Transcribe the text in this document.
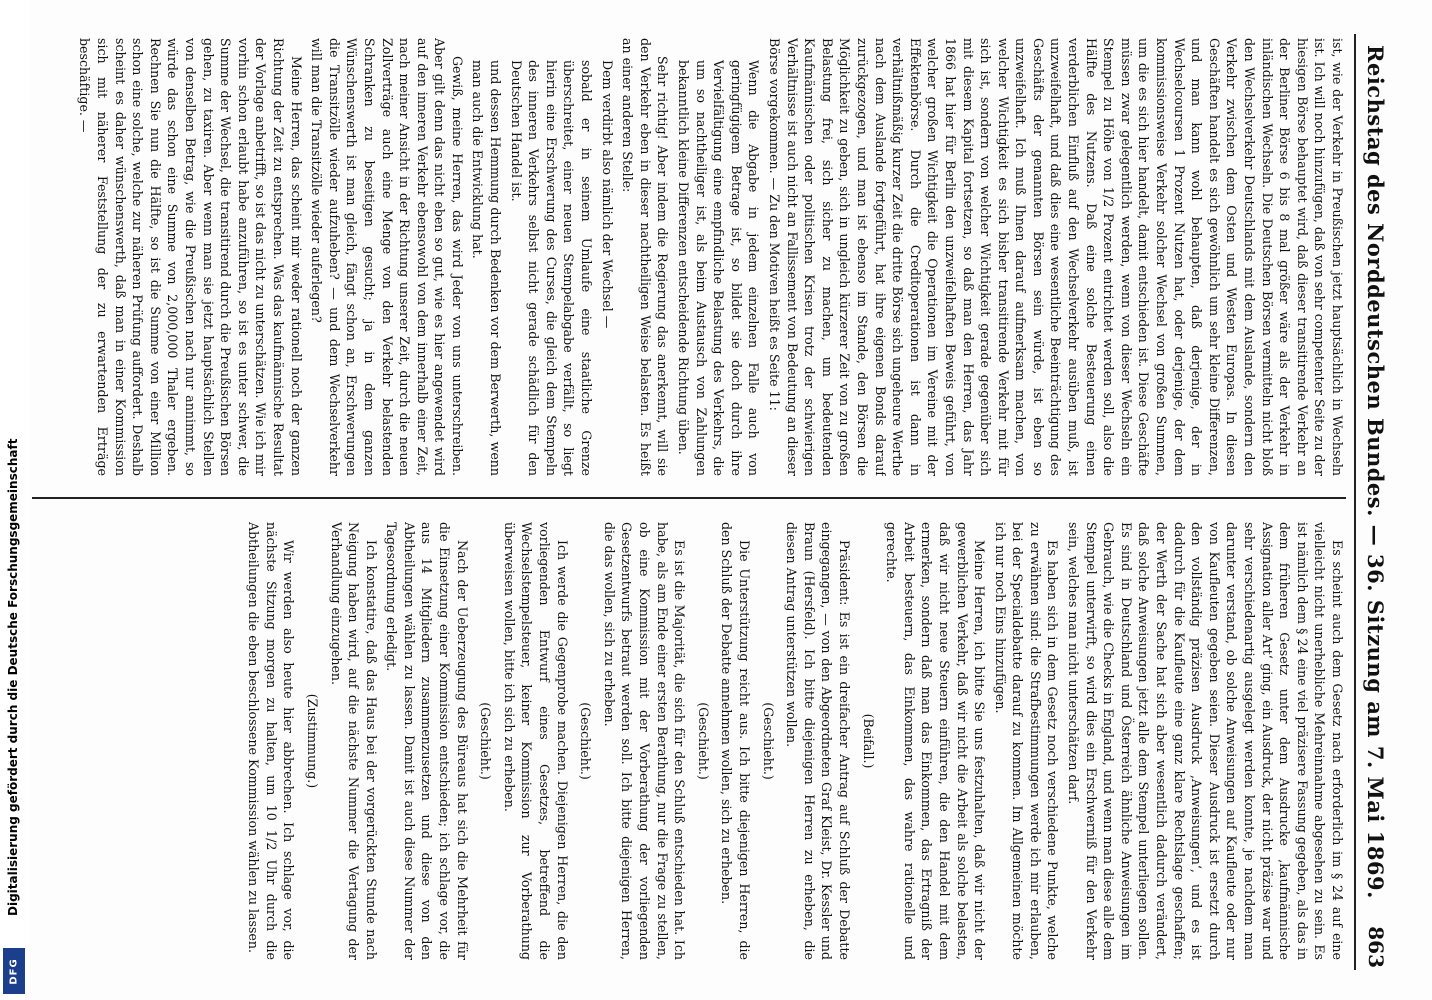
Reichstag des Norddeutschen Bundes. — 36. Sitzung am 7. Mai 1869.
863

ist, wie der Verkehr in Preußischen jetzt hauptsächlich in Wechseln ist. Ich will noch hinzufügen, daß von sehr competenter Seite zu der hiesigen Börse behauptet wird, daß dieser transitirende Verkehr an der Berliner Börse 6 bis 8 mal größer wäre als der Verkehr in inländischen Wechseln. Die Deutschen Börsen vermitteln nicht bloß den Wechselverkehr Deutschlands mit dem Auslande, sondern den Verkehr zwischen dem Osten und Westen Europas. In diesen Geschäften handelt es sich gewöhnlich um sehr kleine Differenzen, und man kann wohl behaupten, daß derjenige, der in Wechselcoursen 1 Prozent Nutzen hat, oder derjenige, der dem kommissionsweise Verkehr solcher Wechsel von großen Summen, um die es sich hier handelt, damit entschieden ist. Diese Geschäfte müssen zwar gelegentlich werden, wenn von dieser Wechseln ein Stempel zu Höhe von 1/2 Prozent entrichtet werden soll, also die Hälfte des Nutzens. Daß eine solche Besteuerung einen verderblichen Einfluß auf den Wechselverkehr ausüben muß, ist unzweifelhaft, und daß dies eine wesentliche Beeinträchtigung des Geschäfts der genannten Börsen sein würde, ist eben so unzweifelhaft. Ich muß Ihnen darauf aufmerksam machen, von welcher Wichtigkeit es sich bisher transitirende Verkehr mit für sich ist, sondern von welcher Wichtigkeit gerade gegenüber sich mit diesem Kapital fortsetzen, so daß man den Herren, das Jahr 1866 hat hier für Berlin den unzweifelhaften Beweis geführt, von welcher großen Wichtigkeit die Operationen im Vereine mit der Effektenbörse. Durch die Creditoperationen ist dann in verhältnißmäßig kurzer Zeit die dritte Börse sich ungeheure Werthe nach dem Auslande fortgeführt, hat ihre eigenen Bonds darauf zurückgezogen, und man ist ebenso im Stande, den Börsen die Möglichkeit zu geben, sich in ungleich kürzerer Zeit von zu großen Belastung frei, sich sicher zu machen, um bedeutenden Kaufmännischen oder politischen Krisen trotz der schwierigen Verhältnisse ist auch nicht an Fallissement von Bedeutung an dieser Börse vorgekommen. — Zu den Motiven heißt es Seite 11:

Wenn die Abgabe in jedem einzelnen Falle auch von geringfügigem Betrage ist, so bildet sie doch durch ihre Vervielfältigung eine empfindliche Belastung des Verkehrs, die um so nachtheiliger ist, als beim Austausch von Zahlungen bekanntlich kleine Differenzen entscheidende Richtung üben.

Sehr richtig! Aber indem die Regierung das anerkennt, will sie den Verkehr eben in dieser nachtheiligen Weise belasten. Es heißt an einer anderen Stelle:

Dem verdirbt also nämlich der Wechsel —

sobald er in seinem Umlaufe eine staatliche Grenze überschreitet, einer neuen Stempelabgabe verfällt, so liegt hierin eine Erschwerung des Curses, die gleich dem Stempeln des inneren Verkehrs selbst nicht gerade schädlich für den Deutschen Handel ist.

und dessen Hemmung durch Bedenken vor dem Berwerth, wenn man auch die Entwicklung hat.

Gewiß, meine Herren, das wird Jeder von uns unterschreiben. Aber gilt denn das nicht eben so gut, wie es hier angewendet wird auf den inneren Verkehr ebensowohl von dem innerhalb einer Zeit, nach meiner Ansicht in der Richtung unserer Zeit, durch die neuen Zollverträge auch eine Menge von den Verkehr belastenden Schranken zu beseitigen gesucht; ja in dem ganzen Wünschenswerth ist man gleich, fängt schon an, Erschwerungen die Transitzölle wieder aufzuheben? — und dem Wechselverkehr will man die Transitzölle wieder auferlegen?

Meine Herren, das scheint mir weder rationell noch der ganzen Richtung der Zeit zu entsprechen. Was das kaufmännische Resultat der Vorlage anbetrifft, so ist das nicht zu unterschätzen. Wie ich mir vorhin schon erlaubt habe anzuführen, so ist es unter schwer, die Summe der Wechsel, die transitirend durch die Preußischen Börsen gehen, zu taxiren. Aber wenn man sie jetzt hauptsächlich Stellen von denselben Betrag, wie die Preußischen nach nur annimmt, so würde das schon eine Summe von 2,000,000 Thaler ergeben. Rechnen Sie nun die Hälfte, so ist die Summe von einer Million schon eine solche, welche zur näheren Prüfung auffordert. Deshalb scheint es daher wünschenswerth, daß man in einer Kommission sich mit näherer Feststellung der zu erwartenden Erträge beschäftige. —

Es scheint auch dem Gesetz nach erforderlich im § 24 auf eine vielleicht nicht unerhebliche Mehreinnahme abgesehen zu sein. Es ist nämlich dem § 24 eine viel präzisere Fassung gegeben, als das in dem früheren Gesetz unter dem Ausdrucke ,kaufmännische Assignation aller Art‘ ging, ein Ausdruck, der nicht präzise war und sehr verschiedenartig ausgelegt werden konnte, je nachdem man darunter verstand, ob solche Anweisungen auf Kaufleute oder nur von Kaufleuten gegeben seien. Dieser Ausdruck ist ersetzt durch den vollständig präzisen Ausdruck ,Anweisungen‘, und es ist dadurch für die Kaufleute eine ganz klare Rechtslage geschaffen; der Werth der Sache hat sich aber wesentlich dadurch verändert, daß solche Anweisungen jetzt alle dem Stempel unterliegen sollen. Es sind in Deutschland und Österreich ähnliche Anweisungen im Gebrauch, wie die Checks in England, und wenn man diese alle dem Stempel unterwirft, so wird dies ein Erschwerniß für den Verkehr sein, welches man nicht unterschätzen darf.

Es haben sich in dem Gesetz noch verschiedene Punkte, welche zu erwähnen sind: die Strafbestimmungen werde ich mir erlauben, bei der Specialdebatte darauf zu kommen. Im Allgemeinen möchte ich nur noch Eins hinzufügen.

Meine Herren, ich bitte Sie uns festzuhalten, daß wir nicht der gewerblichen Verkehr, daß wir nicht die Arbeit als solche belasten, daß wir nicht neue Steuern einführen, die den Handel mit dem ermerken, sondern daß man das Einkommen, das Ertragniß der Arbeit besteuern, das Einkommen, das wahre rationelle und gerechte.

(Beifall.)

Präsident: Es ist ein dreifacher Antrag auf Schluß der Debatte eingegangen, — von den Abgeordneten Graf Kleist, Dr. Kessler und Braun (Hersfeld). Ich bitte diejenigen Herren zu erheben, die diesen Antrag unterstützen wollen.

(Geschieht.)

Die Unterstützung reicht aus. Ich bitte diejenigen Herren, die den Schluß der Debatte annehmen wollen, sich zu erheben.

(Geschieht.)

Es ist die Majorität, die sich für den Schluß entschieden hat. Ich habe, als am Ende einer ersten Berathung, nur die Frage zu stellen, ob eine Kommission mit der Vorberathung der vorliegenden Gesetzentwurfs betraut werden soll. Ich bitte diejenigen Herren, die das wollen, sich zu erheben.

(Geschieht.)

Ich werde die Gegenprobe machen. Diejenigen Herren, die den vorliegenden Entwurf eines Gesetzes, betreffend die Wechselstempelsteuer, keiner Kommission zur Vorberathung überweisen wollen, bitte ich sich zu erheben.

(Geschieht.)

Nach der Ueberzeugung des Büreaus hat sich die Mehrheit für die Einsetzung einer Kommission entschieden; ich schlage vor, die aus 14 Mitgliedern zusammenzusetzen und diese von den Abtheilungen wählen zu lassen. Damit ist auch diese Nummer der Tagesordnung erledigt.

Ich konstatire, daß das Haus bei der vorgerückten Stunde nach Neigung haben wird, auf die nächste Nummer die Vertagung der Verhandlung einzugehen.

(Zustimmung.)

Wir werden also heute hier abbrechen. Ich schlage vor, die nächste Sitzung morgen zu halten, um 10 1/2 Uhr durch die Abtheilungen die eben beschlossene Kommission wählen zu lassen.

Digitalisierung gefördert durch die Deutsche Forschungsgemeinschaft
DFG
